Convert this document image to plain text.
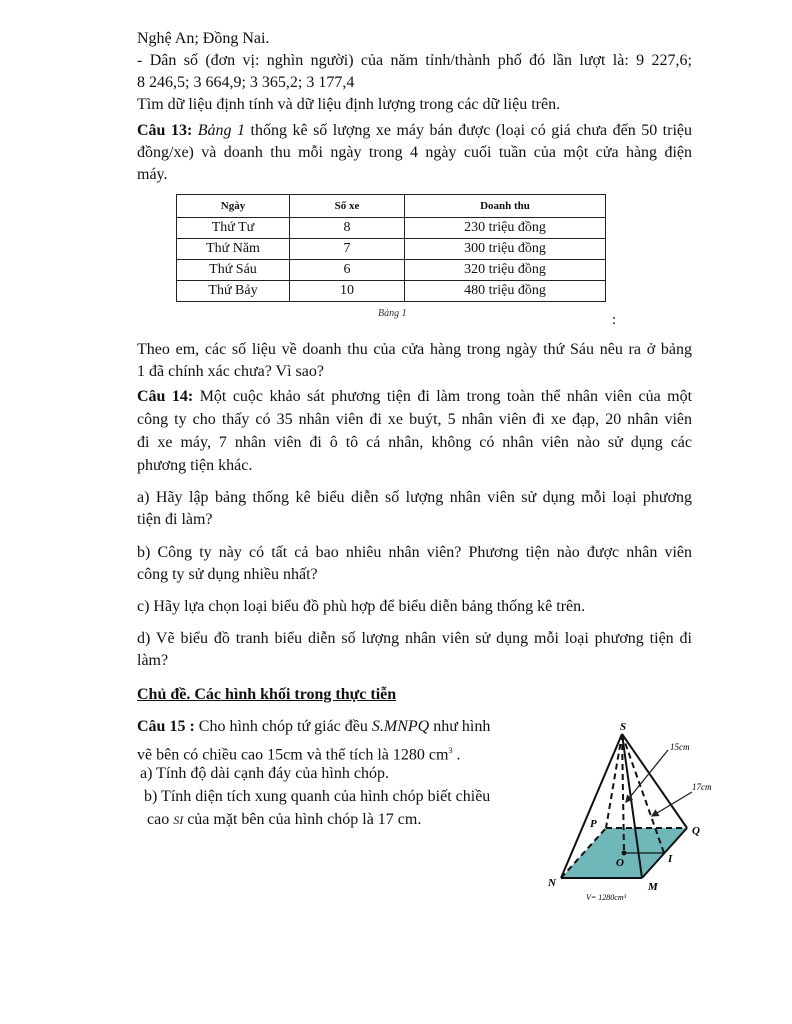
Nghệ An; Đồng Nai.
- Dân số (đơn vị: nghìn người) của năm tỉnh/thành phố đó lần lượt là: 9 227,6;
8 246,5; 3 664,9; 3 365,2; 3 177,4
Tìm dữ liệu định tính và dữ liệu định lượng trong các dữ liệu trên.
Câu 13: Bảng 1 thống kê số lượng xe máy bán được (loại có giá chưa đến 50 triệu
đồng/xe) và doanh thu mỗi ngày trong 4 ngày cuối tuần của một cửa hàng điện
máy.
Ngày	Số xe	Doanh thu
Thứ Tư	8	230 triệu đồng
Thứ Năm	7	300 triệu đồng
Thứ Sáu	6	320 triệu đồng
Thứ Bảy	10	480 triệu đồng
Bảng 1	:
Theo em, các số liệu về doanh thu của cửa hàng trong ngày thứ Sáu nêu ra ở bảng
1 đã chính xác chưa? Vì sao?
Câu 14: Một cuộc khảo sát phương tiện đi làm trong toàn thể nhân viên của một
công ty cho thấy có 35 nhân viên đi xe buýt, 5 nhân viên đi xe đạp, 20 nhân viên
đi xe máy, 7 nhân viên đi ô tô cá nhân, không có nhân viên nào sử dụng các
phương tiện khác.
a) Hãy lập bảng thống kê biểu diễn số lượng nhân viên sử dụng mỗi loại phương
tiện đi làm?
b) Công ty này có tất cả bao nhiêu nhân viên? Phương tiện nào được nhân viên
công ty sử dụng nhiều nhất?
c) Hãy lựa chọn loại biểu đồ phù hợp để biểu diễn bảng thống kê trên.
d) Vẽ biểu đồ tranh biểu diễn số lượng nhân viên sử dụng mỗi loại phương tiện đi
làm?
Chủ đề. Các hình khối trong thực tiễn
Câu 15 : Cho hình chóp tứ giác đều S.MNPQ như hình
vẽ bên có chiều cao 15cm và thể tích là 1280 $cm^3$ .
a) Tính độ dài cạnh đáy của hình chóp.
b) Tính diện tích xung quanh của hình chóp biết chiều
cao SI của mặt bên của hình chóp là 17 cm.
S
15cm
17cm
P
Q
O	I
N	M
V= 1280cm³
